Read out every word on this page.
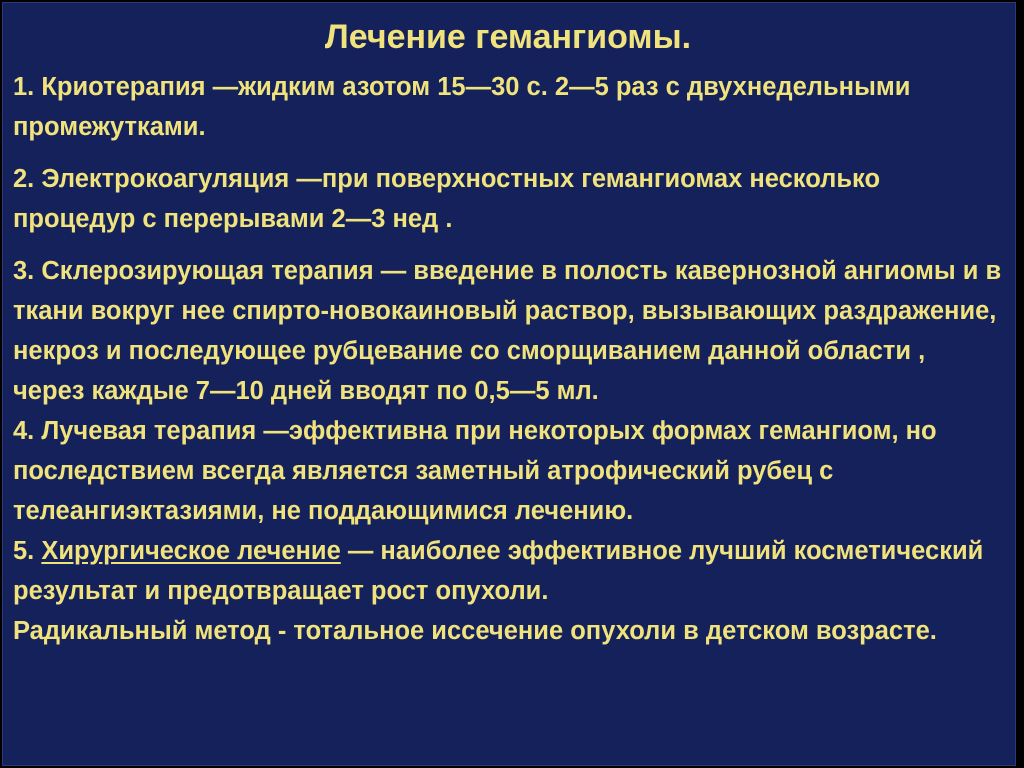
Лечение гемангиомы.

1. Криотерапия —жидким азотом 15—30 с. 2—5 раз с двухнедельными промежутками.

2. Электрокоагуляция —при поверхностных гемангиомах несколько процедур с перерывами 2—3 нед .

3. Склерозирующая терапия — введение в полость кавернозной ангиомы и в ткани вокруг нее спирто-новокаиновый раствор, вызывающих раздражение, некроз и последующее рубцевание со сморщиванием данной области , через каждые 7—10 дней вводят по 0,5—5 мл.

4. Лучевая терапия —эффективна при некоторых формах гемангиом, но последствием всегда является заметный атрофический рубец с телеангиэктазиями, не поддающимися лечению.

5. Хирургическое лечение — наиболее эффективное лучший косметический результат и предотвращает рост опухоли.

Радикальный метод - тотальное иссечение опухоли в детском возрасте.
